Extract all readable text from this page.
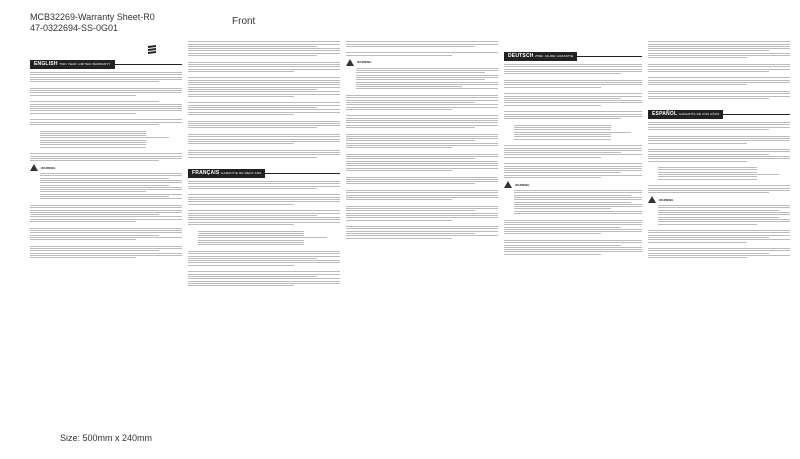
MCB32269-Warranty Sheet-R0
47-0322694-SS-0G01
Front
ENGLISH TWO YEAR LIMITED WARRANTY
WARNING
FRANÇAIS GARANTIE DE DEUX ANS
WARNING
DEUTSCH ZWEI JAHRE GARANTIE
WARNING
ESPAÑOL GARANTÍA DE DOS AÑOS
WARNING
Size: 500mm x 240mm
